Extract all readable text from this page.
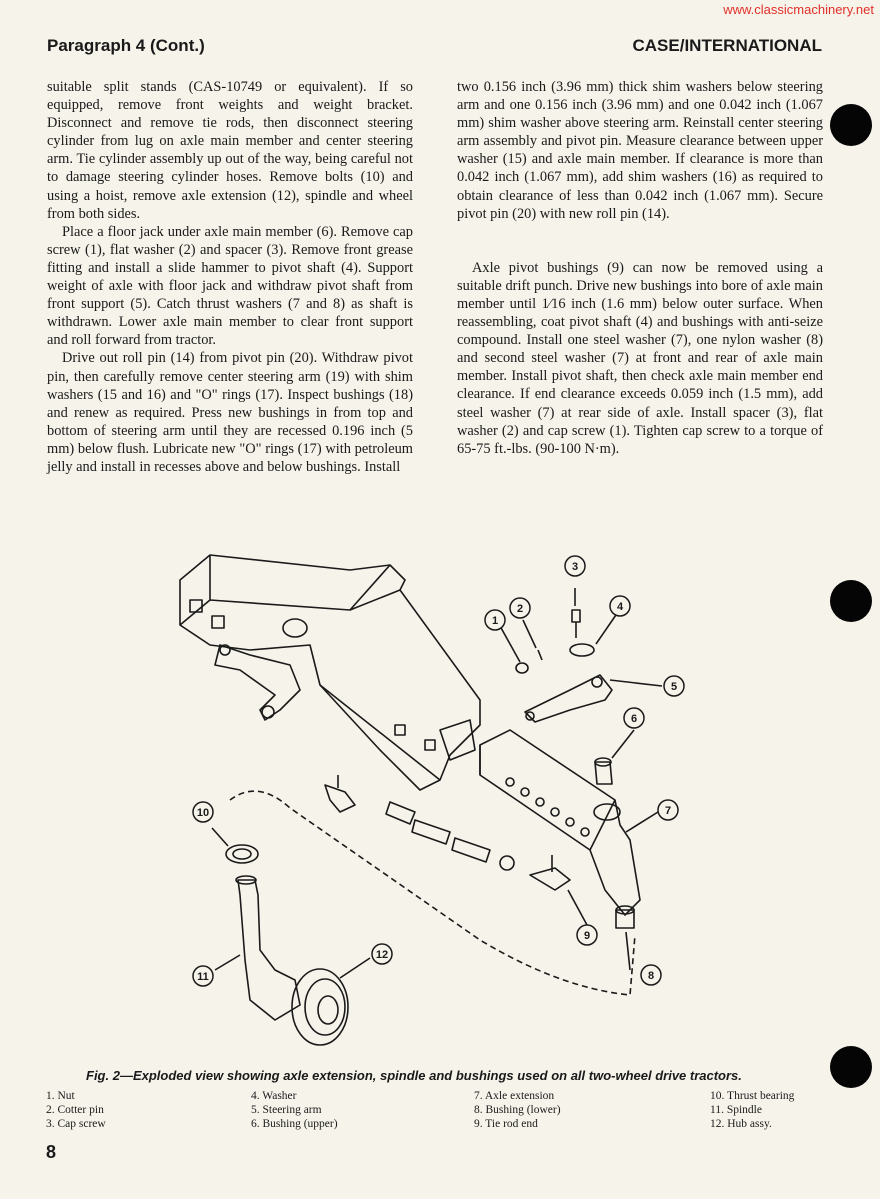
www.classicmachinery.net
Paragraph 4 (Cont.)	CASE/INTERNATIONAL

suitable split stands (CAS-10749 or equivalent). If so equipped, remove front weights and weight bracket. Disconnect and remove tie rods, then disconnect steering cylinder from lug on axle main member and center steering arm. Tie cylinder assembly up out of the way, being careful not to damage steering cylinder hoses. Remove bolts (10) and using a hoist, remove axle extension (12), spindle and wheel from both sides.

Place a floor jack under axle main member (6). Remove cap screw (1), flat washer (2) and spacer (3). Remove front grease fitting and install a slide hammer to pivot shaft (4). Support weight of axle with floor jack and withdraw pivot shaft from front support (5). Catch thrust washers (7 and 8) as shaft is withdrawn. Lower axle main member to clear front support and roll forward from tractor.

Drive out roll pin (14) from pivot pin (20). Withdraw pivot pin, then carefully remove center steering arm (19) with shim washers (15 and 16) and "O" rings (17). Inspect bushings (18) and renew as required. Press new bushings in from top and bottom of steering arm until they are recessed 0.196 inch (5 mm) below flush. Lubricate new "O" rings (17) with petroleum jelly and install in recesses above and below bushings. Install

two 0.156 inch (3.96 mm) thick shim washers below steering arm and one 0.156 inch (3.96 mm) and one 0.042 inch (1.067 mm) shim washer above steering arm. Reinstall center steering arm assembly and pivot pin. Measure clearance between upper washer (15) and axle main member. If clearance is more than 0.042 inch (1.067 mm), add shim washers (16) as required to obtain clearance of less than 0.042 inch (1.067 mm). Secure pivot pin (20) with new roll pin (14).

Axle pivot bushings (9) can now be removed using a suitable drift punch. Drive new bushings into bore of axle main member until 1⁄16 inch (1.6 mm) below outer surface. When reassembling, coat pivot shaft (4) and bushings with anti-seize compound. Install one steel washer (7), one nylon washer (8) and second steel washer (7) at front and rear of axle main member. Install pivot shaft, then check axle main member end clearance. If end clearance exceeds 0.059 inch (1.5 mm), add steel washer (7) at rear side of axle. Install spacer (3), flat washer (2) and cap screw (1). Tighten cap screw to a torque of 65-75 ft.-lbs. (90-100 N·m).

1
2
3
4
5
6
7
8
9
10
11
12
Fig. 2—Exploded view showing axle extension, spindle and bushings used on all two-wheel drive tractors.
1. Nut
2. Cotter pin
3. Cap screw
4. Washer
5. Steering arm
6. Bushing (upper)
7. Axle extension
8. Bushing (lower)
9. Tie rod end
10. Thrust bearing
11. Spindle
12. Hub assy.
8
